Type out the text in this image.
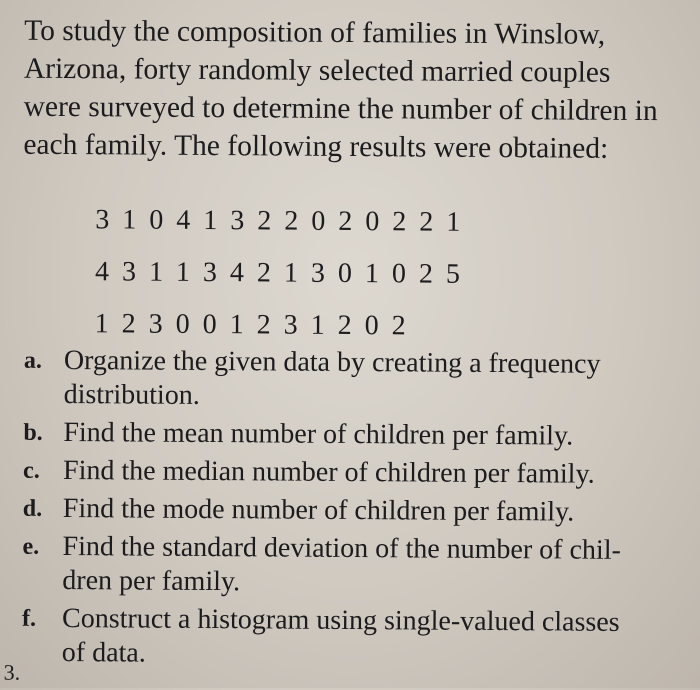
To study the composition of families in Winslow,
Arizona, forty randomly selected married couples
were surveyed to determine the number of children in
each family. The following results were obtained:
3 1 0 4 1 3 2 2 0 2 0 2 2 1
4 3 1 1 3 4 2 1 3 0 1 0 2 5
1 2 3 0 0 1 2 3 1 2 0 2
a. Organize the given data by creating a frequency
distribution.
b. Find the mean number of children per family.
c. Find the median number of children per family.
d. Find the mode number of children per family.
e. Find the standard deviation of the number of chil-
dren per family.
f. Construct a histogram using single-valued classes
of data.
3.
